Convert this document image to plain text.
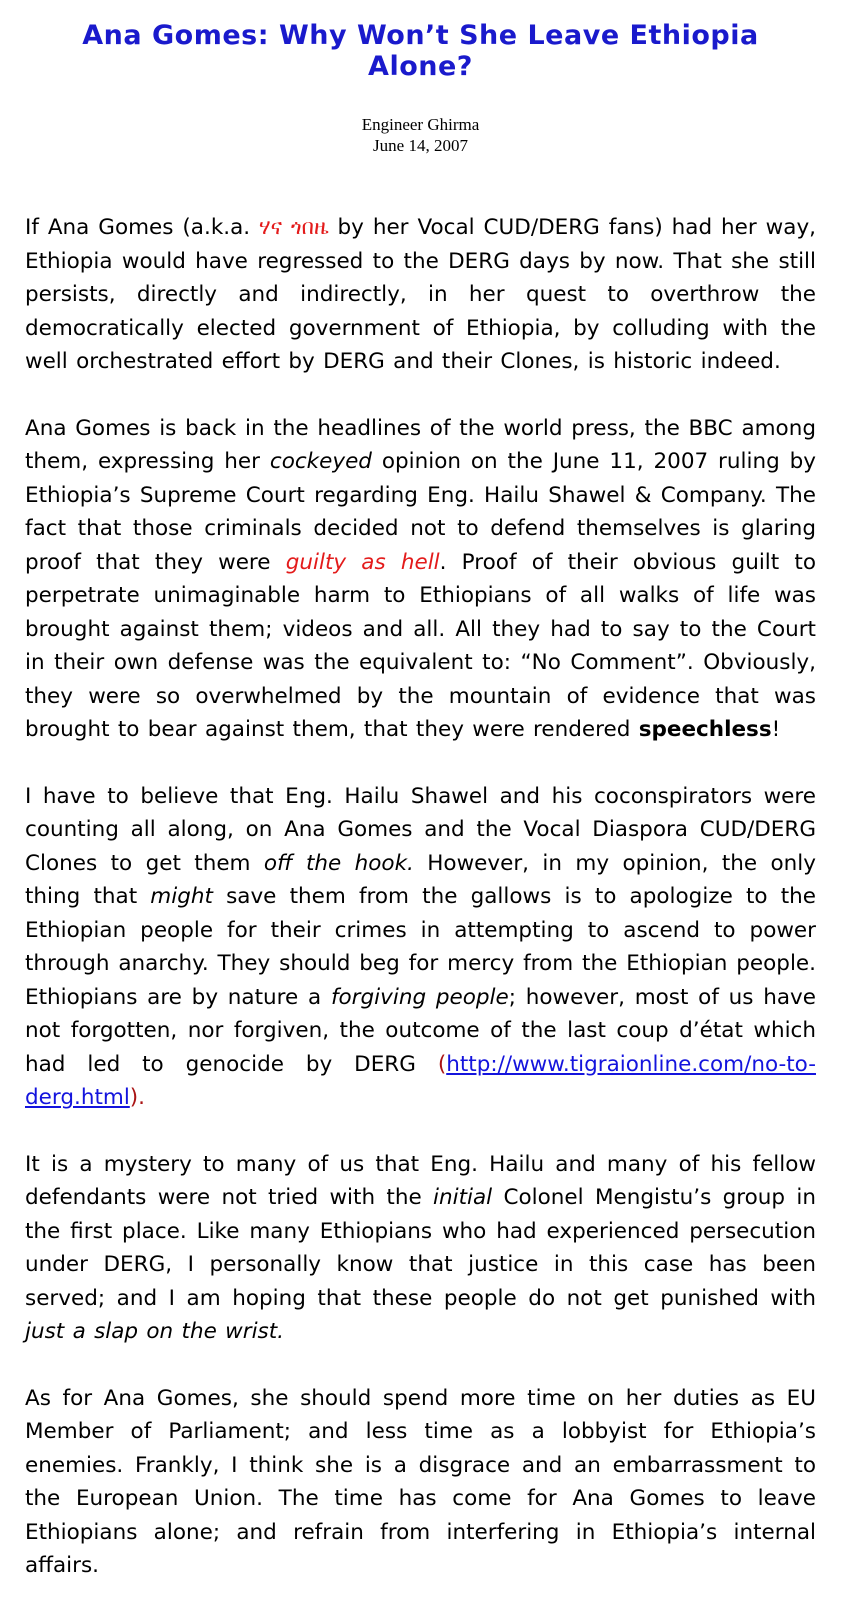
Ana Gomes: Why Won’t She Leave Ethiopia Alone?
Engineer Ghirma
June 14, 2007

If Ana Gomes (a.k.a. ሃና ጎበዜ by her Vocal CUD/DERG fans) had her way, Ethiopia would have regressed to the DERG days by now. That she still persists, directly and indirectly, in her quest to overthrow the democratically elected government of Ethiopia, by colluding with the well orchestrated effort by DERG and their Clones, is historic indeed.

Ana Gomes is back in the headlines of the world press, the BBC among them, expressing her cockeyed opinion on the June 11, 2007 ruling by Ethiopia’s Supreme Court regarding Eng. Hailu Shawel & Company. The fact that those criminals decided not to defend themselves is glaring proof that they were guilty as hell. Proof of their obvious guilt to perpetrate unimaginable harm to Ethiopians of all walks of life was brought against them; videos and all. All they had to say to the Court in their own defense was the equivalent to: “No Comment”. Obviously, they were so overwhelmed by the mountain of evidence that was brought to bear against them, that they were rendered speechless!

I have to believe that Eng. Hailu Shawel and his coconspirators were counting all along, on Ana Gomes and the Vocal Diaspora CUD/DERG Clones to get them off the hook. However, in my opinion, the only thing that might save them from the gallows is to apologize to the Ethiopian people for their crimes in attempting to ascend to power through anarchy. They should beg for mercy from the Ethiopian people. Ethiopians are by nature a forgiving people; however, most of us have not forgotten, nor forgiven, the outcome of the last coup d’état which had led to genocide by DERG (http://www.tigraionline.com/no-to-derg.html).

It is a mystery to many of us that Eng. Hailu and many of his fellow defendants were not tried with the initial Colonel Mengistu’s group in the first place. Like many Ethiopians who had experienced persecution under DERG, I personally know that justice in this case has been served; and I am hoping that these people do not get punished with just a slap on the wrist.

As for Ana Gomes, she should spend more time on her duties as EU Member of Parliament; and less time as a lobbyist for Ethiopia’s enemies. Frankly, I think she is a disgrace and an embarrassment to the European Union. The time has come for Ana Gomes to leave Ethiopians alone; and refrain from interfering in Ethiopia’s internal affairs.
